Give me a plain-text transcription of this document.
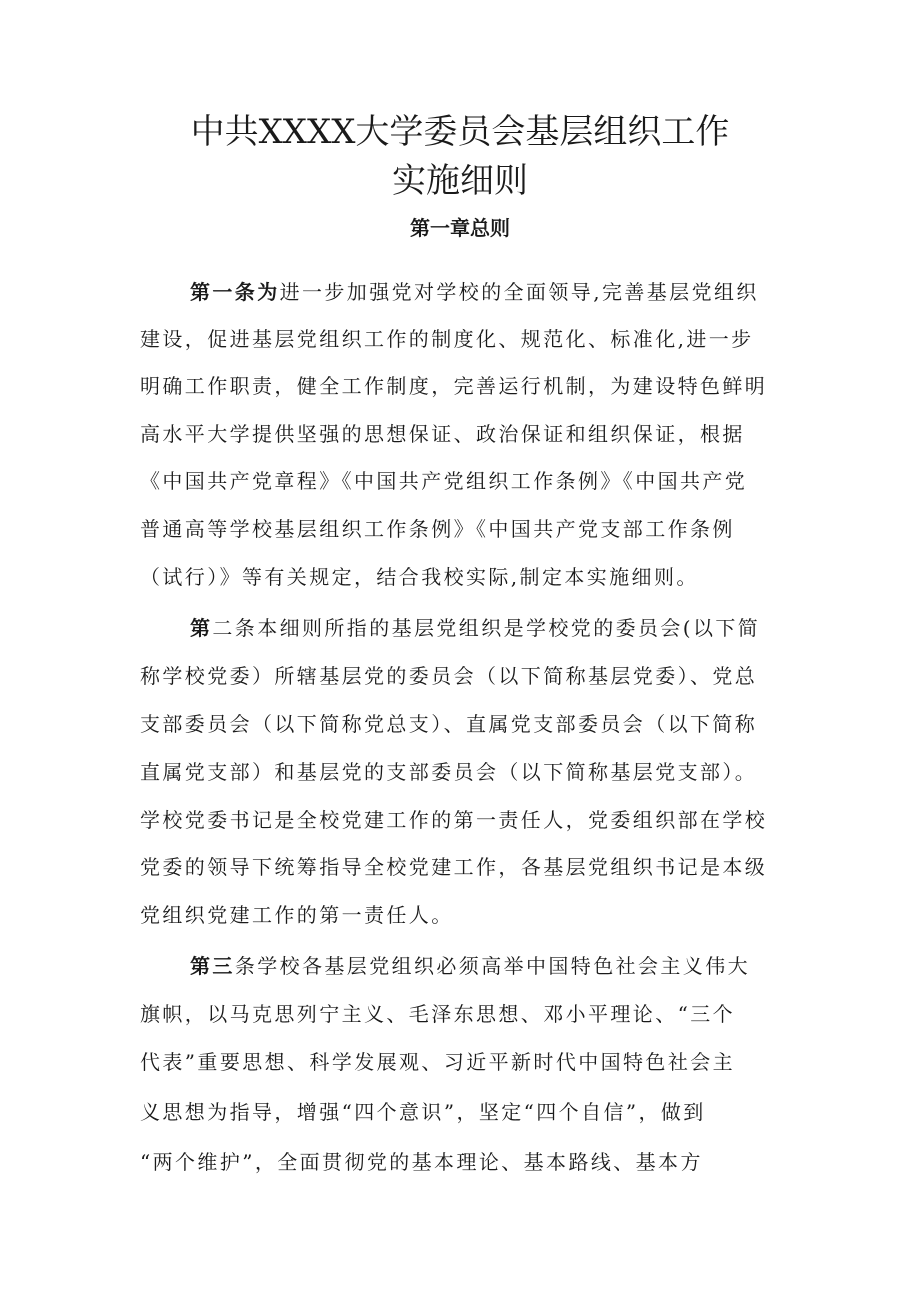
中共XXXX大学委员会基层组织工作
实施细则
第一章总则
第一条为进一步加强党对学校的全面领导,完善基层党组织
建设，促进基层党组织工作的制度化、规范化、标准化,进一步
明确工作职责，健全工作制度，完善运行机制，为建设特色鲜明
高水平大学提供坚强的思想保证、政治保证和组织保证，根据
《中国共产党章程》《中国共产党组织工作条例》《中国共产党
普通高等学校基层组织工作条例》《中国共产党支部工作条例
（试行）》等有关规定，结合我校实际,制定本实施细则。
第二条本细则所指的基层党组织是学校党的委员会(以下简
称学校党委）所辖基层党的委员会（以下简称基层党委）、党总
支部委员会（以下简称党总支）、直属党支部委员会（以下简称
直属党支部）和基层党的支部委员会（以下简称基层党支部）。
学校党委书记是全校党建工作的第一责任人，党委组织部在学校
党委的领导下统筹指导全校党建工作，各基层党组织书记是本级
党组织党建工作的第一责任人。
第三条学校各基层党组织必须高举中国特色社会主义伟大
旗帜，以马克思列宁主义、毛泽东思想、邓小平理论、“三个
代表”重要思想、科学发展观、习近平新时代中国特色社会主
义思想为指导，增强“四个意识”，坚定“四个自信”，做到
“两个维护”，全面贯彻党的基本理论、基本路线、基本方
